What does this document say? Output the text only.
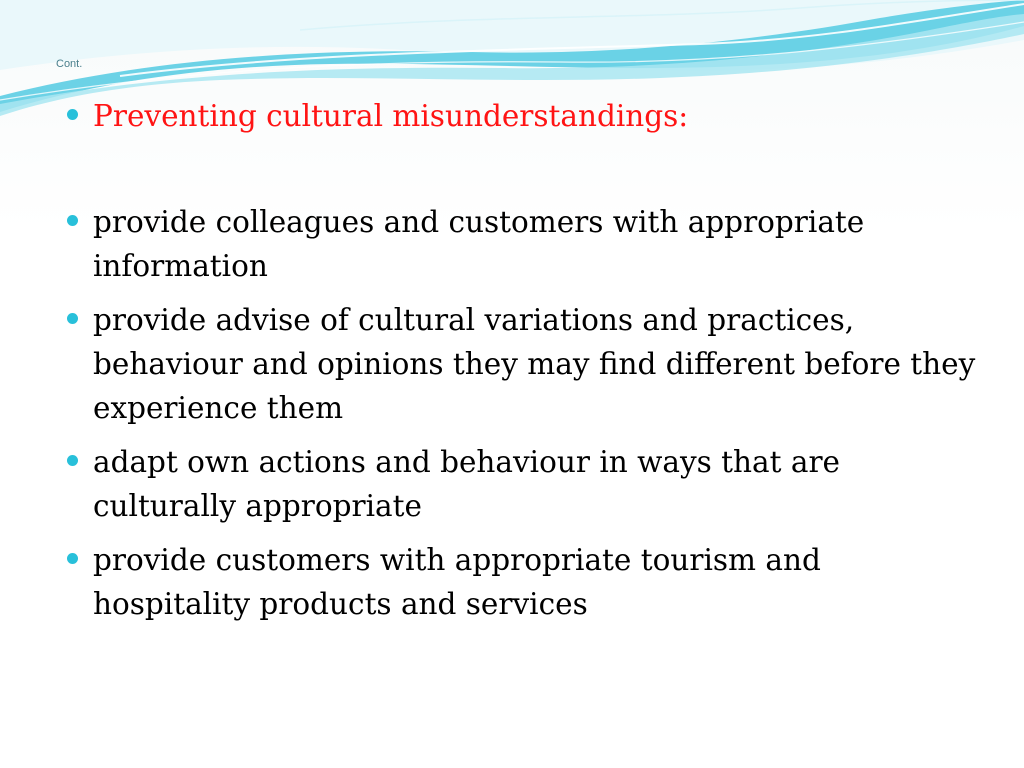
Cont.
Preventing cultural misunderstandings:
provide colleagues and customers with appropriate information
provide advise of cultural variations and practices, behaviour and opinions they may find different before they experience them
adapt own actions and behaviour in ways that are culturally appropriate
provide customers with appropriate tourism and hospitality products and services
